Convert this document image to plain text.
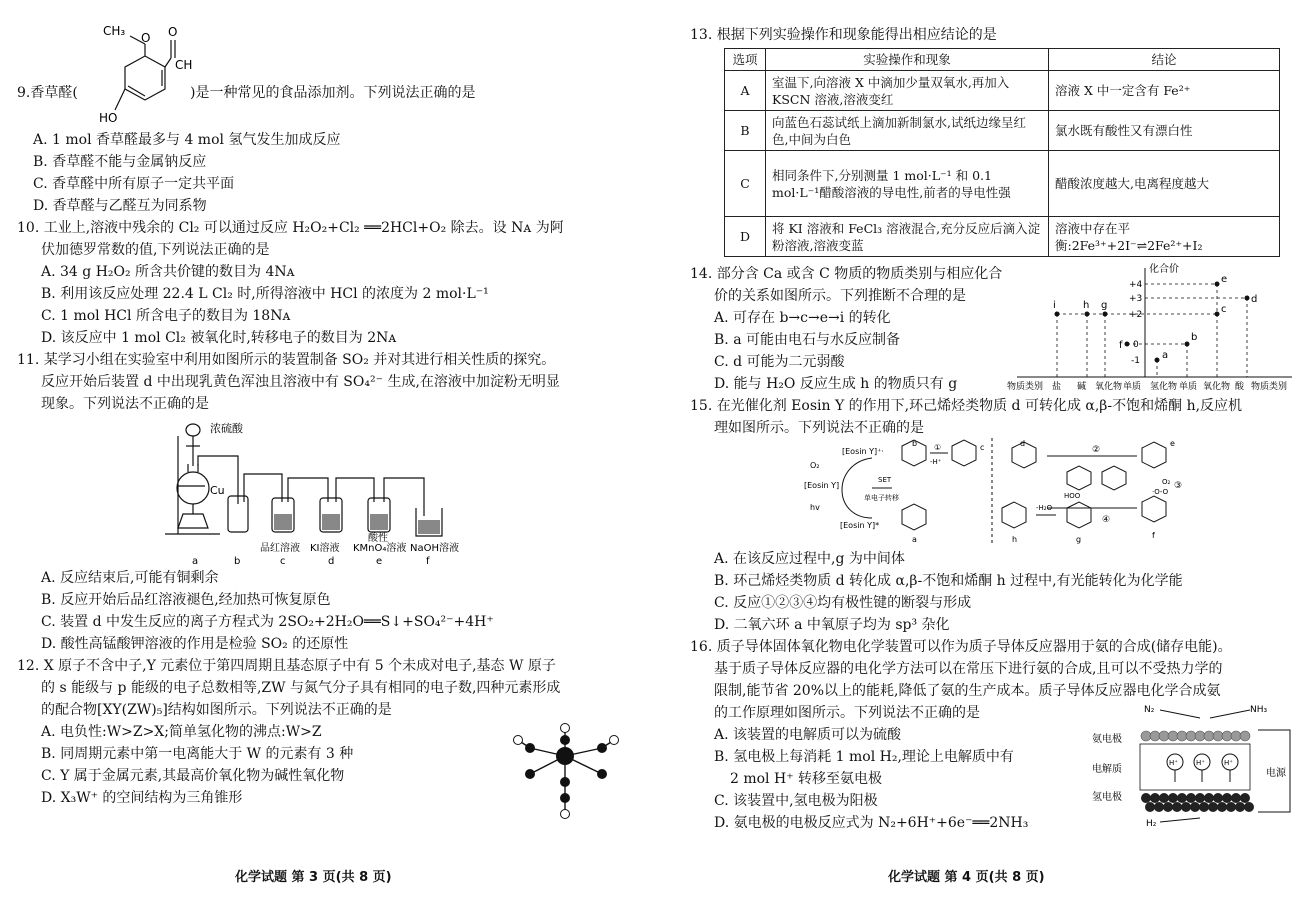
CH₃ O O
CH
HO
9.香草醛(	)是一种常见的食品添加剂。下列说法正确的是
A. 1 mol 香草醛最多与 4 mol 氢气发生加成反应
B. 香草醛不能与金属钠反应
C. 香草醛中所有原子一定共平面
D. 香草醛与乙醛互为同系物
10. 工业上,溶液中残余的 Cl₂ 可以通过反应 H₂O₂+Cl₂ ══2HCl+O₂ 除去。设 Nᴀ 为阿
伏加德罗常数的值,下列说法正确的是
A. 34 g H₂O₂ 所含共价键的数目为 4Nᴀ
B. 利用该反应处理 22.4 L Cl₂ 时,所得溶液中 HCl 的浓度为 2 mol·L⁻¹
C. 1 mol HCl 所含电子的数目为 18Nᴀ
D. 该反应中 1 mol Cl₂ 被氧化时,转移电子的数目为 2Nᴀ
11. 某学习小组在实验室中利用如图所示的装置制备 SO₂ 并对其进行相关性质的探究。
反应开始后装置 d 中出现乳黄色浑浊且溶液中有 SO₄²⁻ 生成,在溶液中加淀粉无明显
现象。下列说法不正确的是
浓硫酸
Cu
品红溶液 KI溶液
酸性
KMnO₄溶液 NaOH溶液
a	b	c	d	e	f
A. 反应结束后,可能有铜剩余
B. 反应开始后品红溶液褪色,经加热可恢复原色
C. 装置 d 中发生反应的离子方程式为 2SO₂+2H₂O══S↓+SO₄²⁻+4H⁺
D. 酸性高锰酸钾溶液的作用是检验 SO₂ 的还原性
12. X 原子不含中子,Y 元素位于第四周期且基态原子中有 5 个未成对电子,基态 W 原子
的 s 能级与 p 能级的电子总数相等,ZW 与氮气分子具有相同的电子数,四种元素形成
的配合物[XY(ZW)₅]结构如图所示。下列说法不正确的是
A. 电负性:W>Z>X;简单氢化物的沸点:W>Z
B. 同周期元素中第一电离能大于 W 的元素有 3 种
C. Y 属于金属元素,其最高价氧化物为碱性氧化物
D. X₃W⁺ 的空间结构为三角锥形
化学试题 第 3 页(共 8 页)
13. 根据下列实验操作和现象能得出相应结论的是
选项	实验操作和现象	结论
A	室温下,向溶液 X 中滴加少量双氧水,再加入 KSCN 溶液,溶液变红	溶液 X 中一定含有 Fe²⁺
B	向蓝色石蕊试纸上滴加新制氯水,试纸边缘呈红色,中间为白色	氯水既有酸性又有漂白性
C	相同条件下,分别测量 1 mol·L⁻¹ 和 0.1 mol·L⁻¹醋酸溶液的导电性,前者的导电性强	醋酸浓度越大,电离程度越大
D	将 KI 溶液和 FeCl₃ 溶液混合,充分反应后滴入淀粉溶液,溶液变蓝	溶液中存在平衡:2Fe³⁺+2I⁻⇌2Fe²⁺+I₂
14. 部分含 Ca 或含 C 物质的物质类别与相应化合
价的关系如图所示。下列推断不合理的是
A. 可存在 b→c→e→i 的转化
B. a 可能由电石与水反应制备
C. d 可能为二元弱酸
D. 能与 H₂O 反应生成 h 的物质只有 g
化合价
+4
+3
+2
0
-1
i	h g
f
a
b
c
d
e
物质类别 盐 碱 氧化物 单质 氢化物 单质 氧化物 酸 物质类别
15. 在光催化剂 Eosin Y 的作用下,环己烯烃类物质 d 可转化成 α,β-不饱和烯酮 h,反应机
理如图所示。下列说法不正确的是
[Eosin Y]⁺·
[Eosin Y]
[Eosin Y]*
O₂
hv
SET
单电子转移
-H⁺
①	②
③
④
-H₂O
HOO	·O-O
O₂
b	c
a
d	e
f
g
h
A. 在该反应过程中,g 为中间体
B. 环己烯烃类物质 d 转化成 α,β-不饱和烯酮 h 过程中,有光能转化为化学能
C. 反应①②③④均有极性键的断裂与形成
D. 二氧六环 a 中氧原子均为 sp³ 杂化
16. 质子导体固体氧化物电化学装置可以作为质子导体反应器用于氨的合成(储存电能)。
基于质子导体反应器的电化学方法可以在常压下进行氨的合成,且可以不受热力学的
限制,能节省 20%以上的能耗,降低了氨的生产成本。质子导体反应器电化学合成氨
的工作原理如图所示。下列说法不正确的是
A. 该装置的电解质可以为硫酸
B. 氢电极上每消耗 1 mol H₂,理论上电解质中有
2 mol H⁺ 转移至氨电极
C. 该装置中,氢电极为阳极
D. 氨电极的电极反应式为 N₂+6H⁺+6e⁻══2NH₃
H⁺	H⁺	H⁺
N₂	NH₃
H₂
氨电极
电解质
氢电极
电源
化学试题 第 4 页(共 8 页)
